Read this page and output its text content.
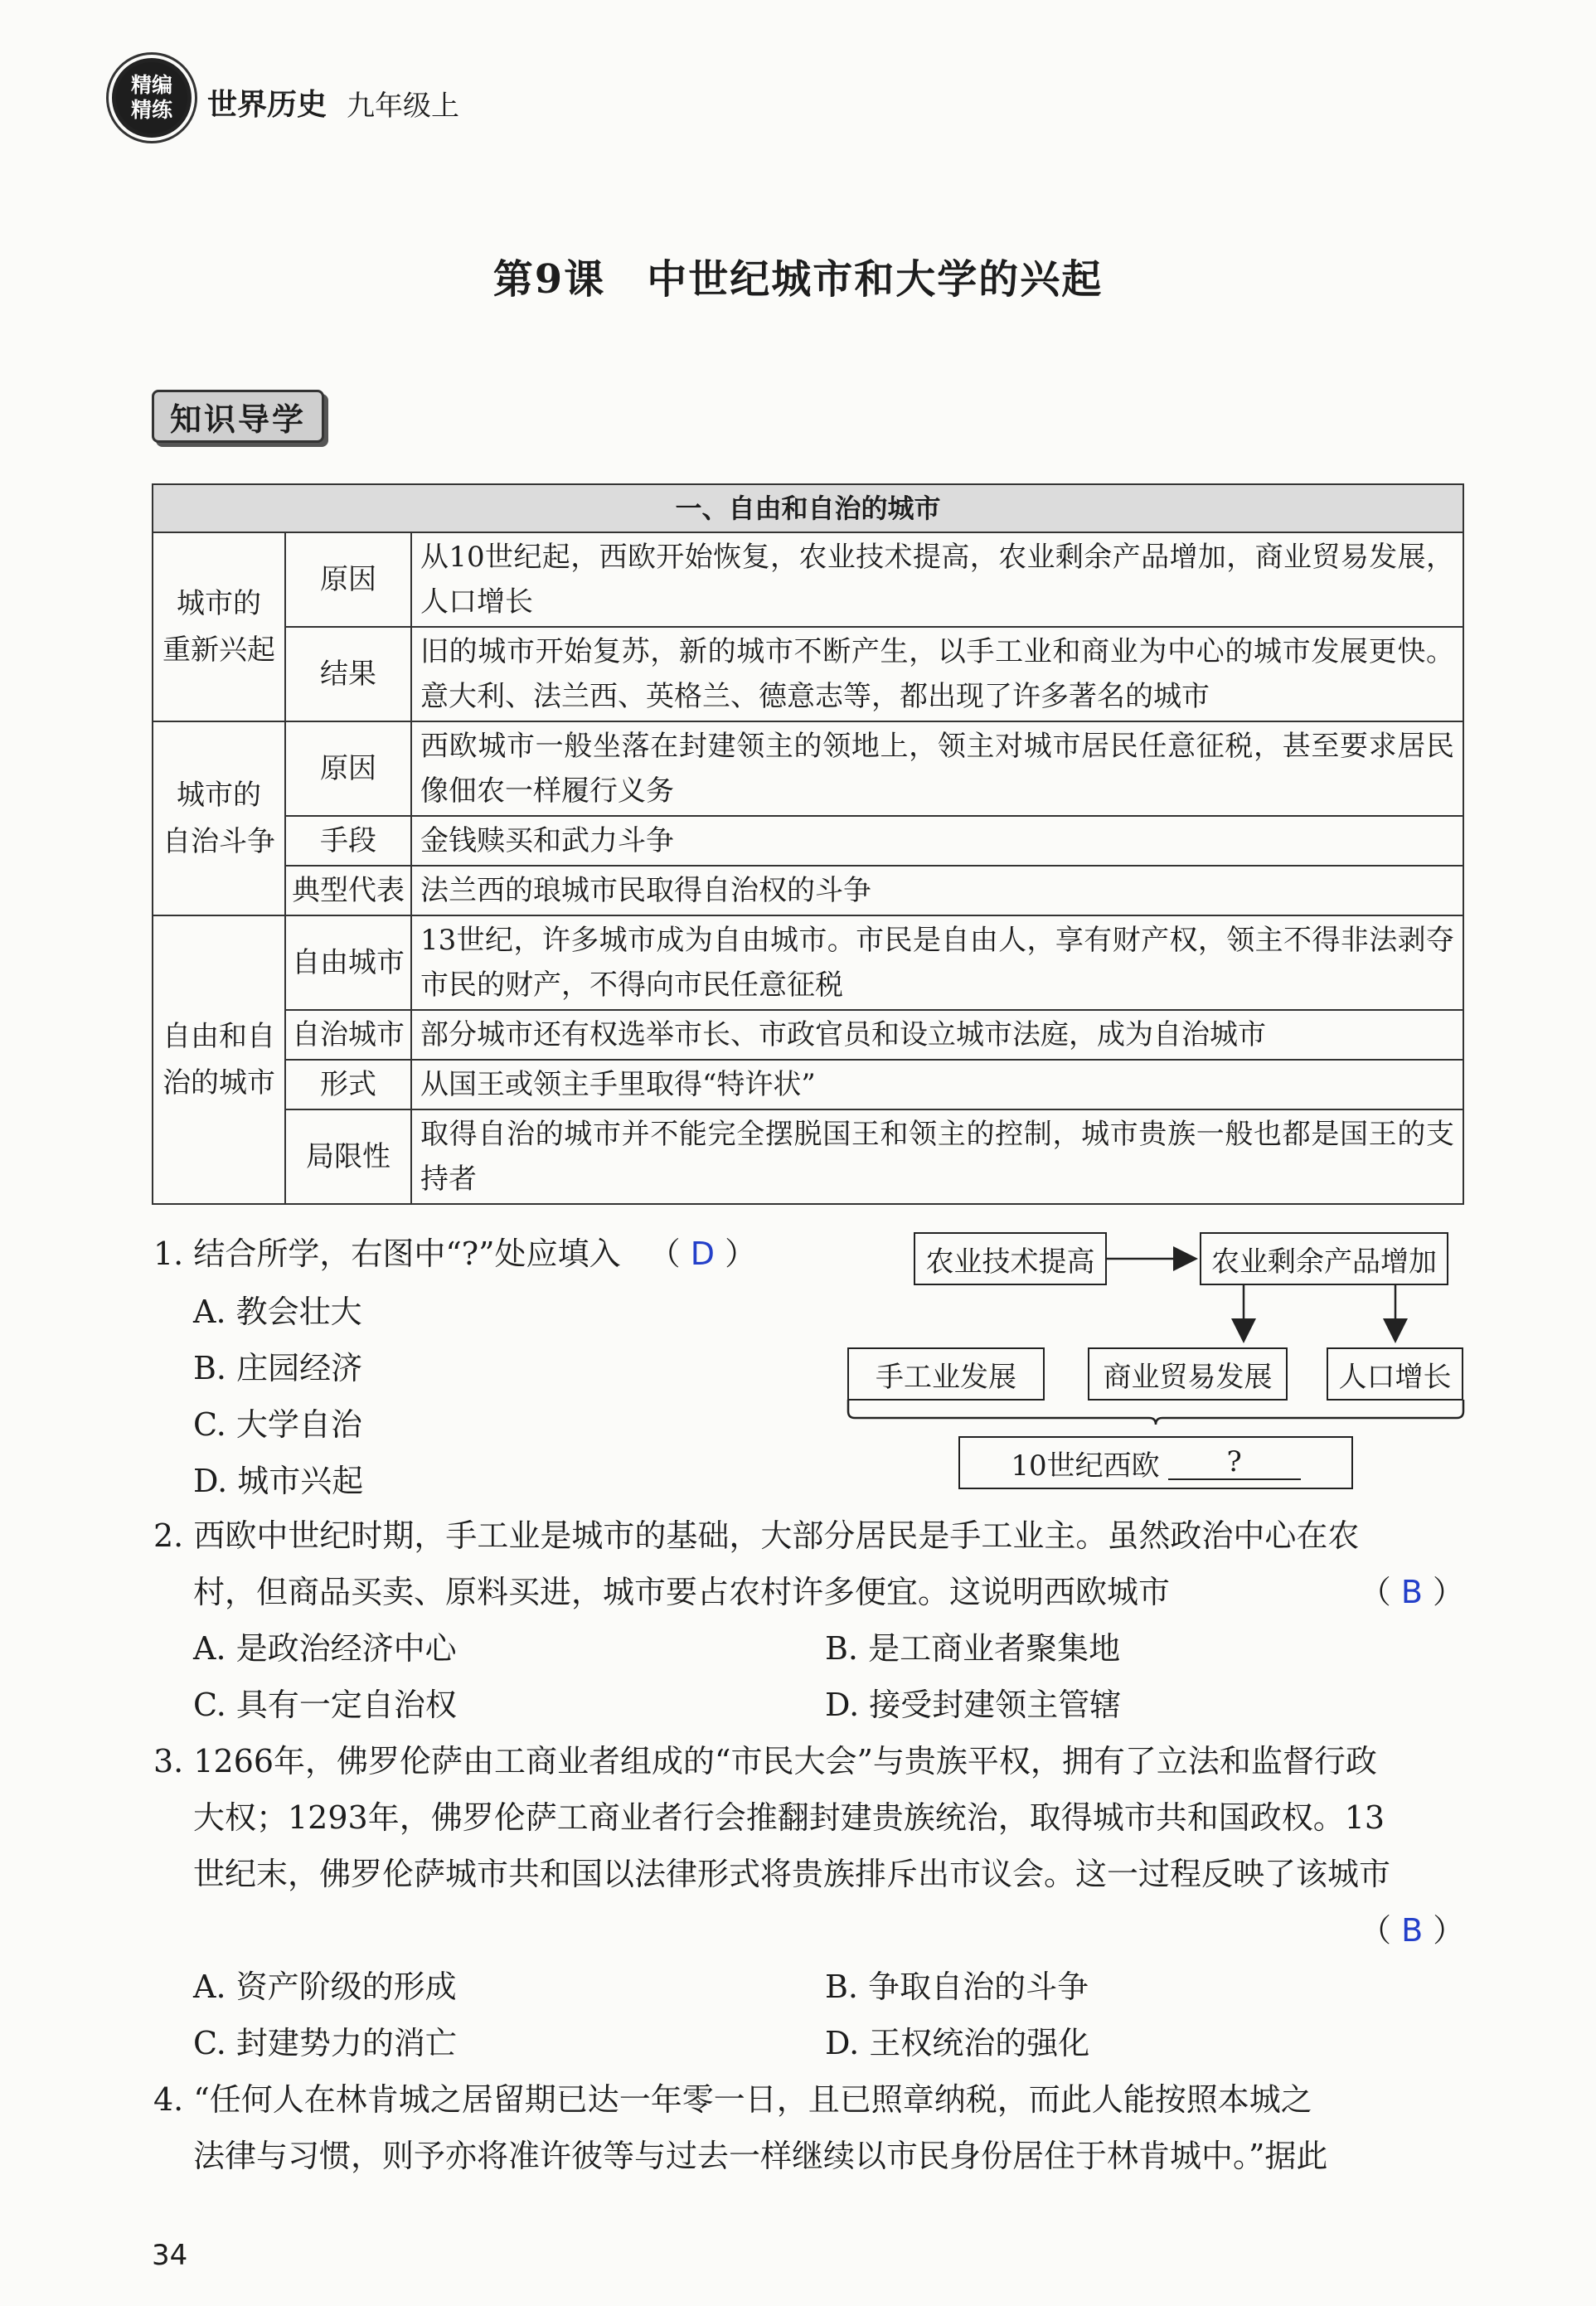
精编
精练 世界历史 九年级上
第9课　中世纪城市和大学的兴起
知识导学
一、自由和自治的城市		

城市的
重新兴起	原因	从10世纪起，西欧开始恢复，农业技术提高，农业剩余产品增加，商业贸易发展，人口增长
	结果	旧的城市开始复苏，新的城市不断产生，以手工业和商业为中心的城市发展更快。意大利、法兰西、英格兰、德意志等，都出现了许多著名的城市

城市的
自治斗争	原因	西欧城市一般坐落在封建领主的领地上，领主对城市居民任意征税，甚至要求居民像佃农一样履行义务
	手段	金钱赎买和武力斗争
	典型代表	法兰西的琅城市民取得自治权的斗争

自由和自
治的城市	自由城市	13世纪，许多城市成为自由城市。市民是自由人，享有财产权，领主不得非法剥夺市民的财产，不得向市民任意征税
	自治城市	部分城市还有权选举市长、市政官员和设立城市法庭，成为自治城市
	形式	从国王或领主手里取得“特许状”
	局限性	取得自治的城市并不能完全摆脱国王和领主的控制，城市贵族一般也都是国王的支持者
1. 结合所学，右图中“?”处应填入 （ D ）
A. 教会壮大
B. 庄园经济
C. 大学自治
D. 城市兴起
农业技术提高	农业剩余产品增加
手工业发展	商业贸易发展	人口增长
10世纪西欧	?
2. 西欧中世纪时期，手工业是城市的基础，大部分居民是手工业主。虽然政治中心在农
村，但商品买卖、原料买进，城市要占农村许多便宜。这说明西欧城市	（ B ）
A. 是政治经济中心	B. 是工商业者聚集地
C. 具有一定自治权	D. 接受封建领主管辖
3. 1266年，佛罗伦萨由工商业者组成的“市民大会”与贵族平权，拥有了立法和监督行政
大权；1293年，佛罗伦萨工商业者行会推翻封建贵族统治，取得城市共和国政权。13
世纪末，佛罗伦萨城市共和国以法律形式将贵族排斥出市议会。这一过程反映了该城市
（ B ）
A. 资产阶级的形成	B. 争取自治的斗争
C. 封建势力的消亡	D. 王权统治的强化
4. “任何人在林肯城之居留期已达一年零一日，且已照章纳税，而此人能按照本城之
法律与习惯，则予亦将准许彼等与过去一样继续以市民身份居住于林肯城中。”据此
34
